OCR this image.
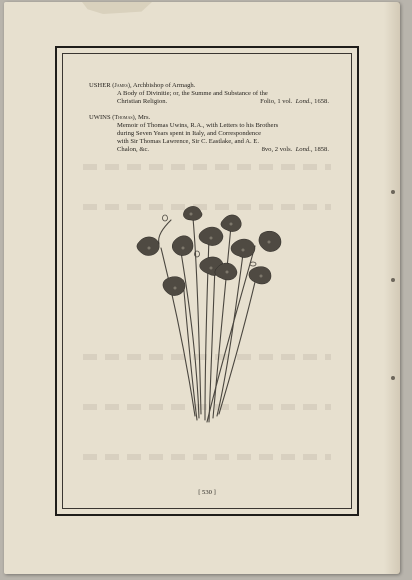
USHER (James), Archbishop of Armagh.
A Body of Divinitie; or, the Summe and Substance of the
Christian Religion.	Folio, 1 vol. Lond., 1658.
UWINS (Thomas), Mrs.
Memoir of Thomas Uwins, R.A., with Letters to his Brothers
during Seven Years spent in Italy, and Correspondence
with Sir Thomas Lawrence, Sir C. Eastlake, and A. E.
Chalon, &c.	8vo, 2 vols. Lond., 1858.
[ 530 ]
